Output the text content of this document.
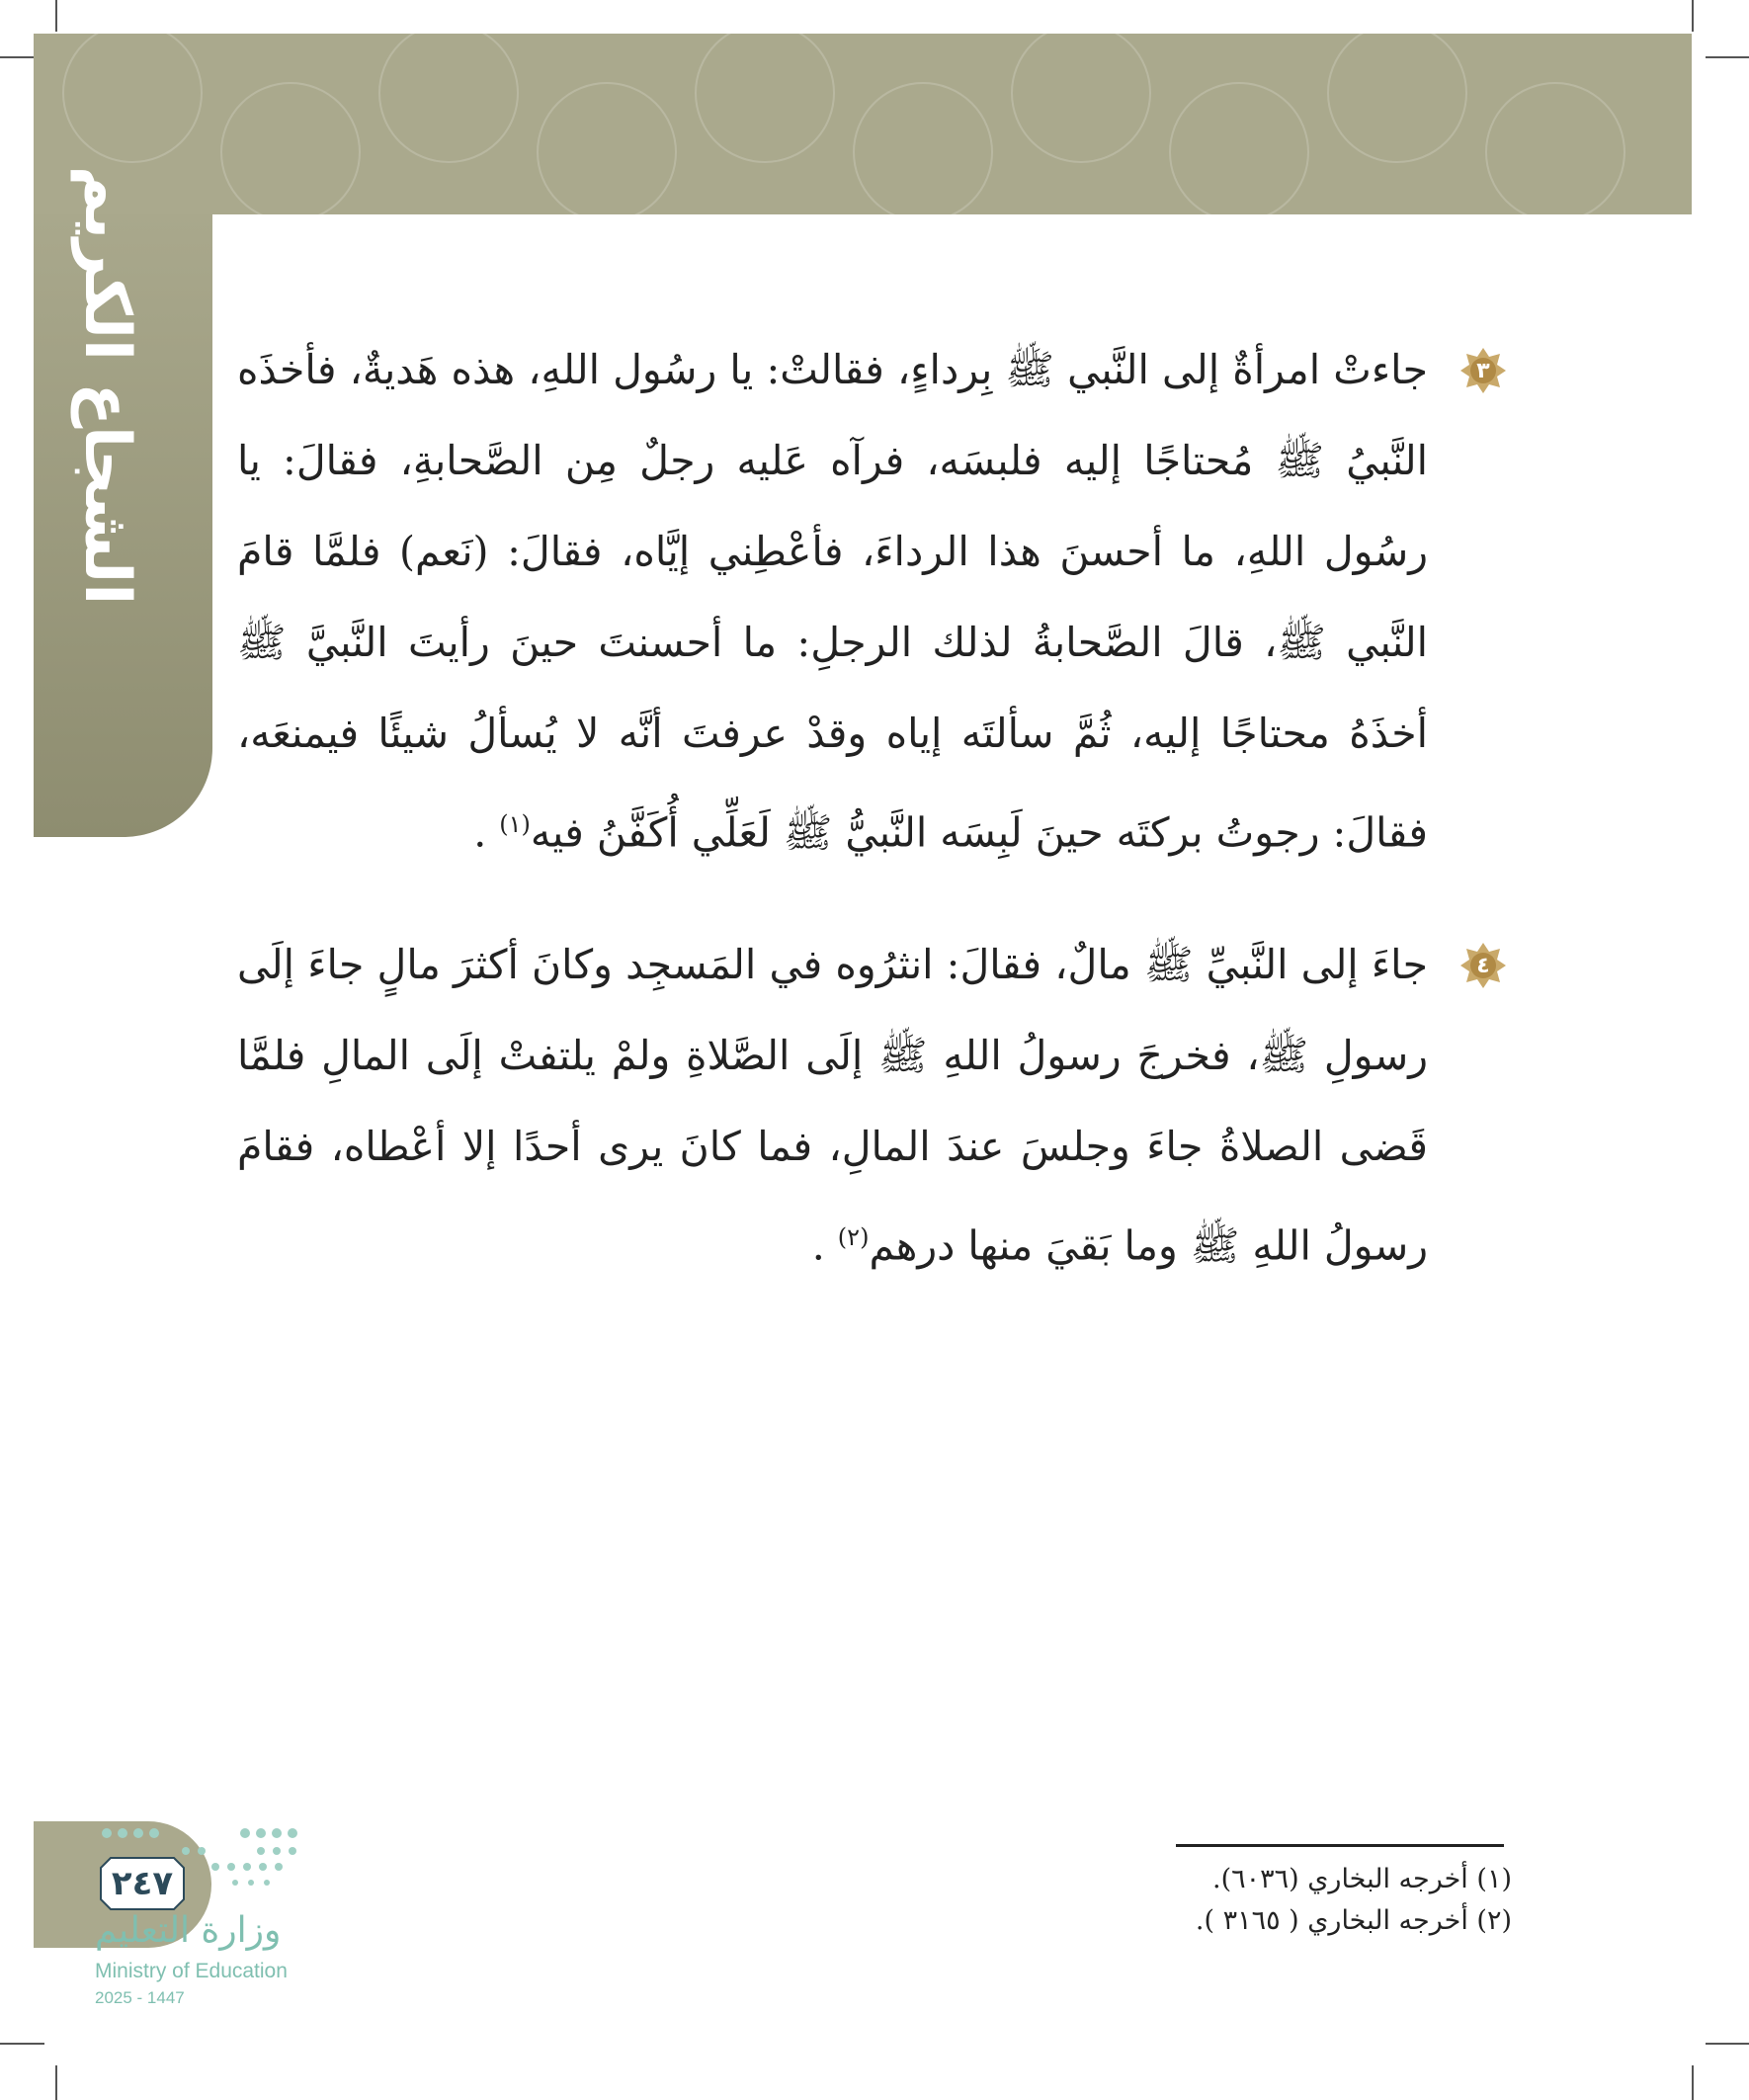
الشجاع الكريم	٣
جاءتْ امرأةٌ إلى النَّبي ﷺ بِرداءٍ، فقالتْ: يا رسُول اللهِ، هذه هَديةٌ، فأخذَه النَّبيُ ﷺ مُحتاجًا إليه فلبسَه، فرآه عَليه رجلٌ مِن الصَّحابةِ، فقالَ: يا رسُول اللهِ، ما أحسنَ هذا الرداءَ، فأعْطِني إيَّاه، فقالَ: (نَعم) فلمَّا قامَ النَّبي ﷺ، قالَ الصَّحابةُ لذلك الرجلِ: ما أحسنتَ حينَ رأيتَ النَّبيَّ ﷺ أخذَهُ محتاجًا إليه، ثُمَّ سألتَه إياه وقدْ عرفتَ أنَّه لا يُسألُ شيئًا فيمنعَه، فقالَ: رجوتُ بركتَه حينَ لَبِسَه النَّبيُّ ﷺ لَعَلِّي أُكَفَّنُ فيه$^{(١)}$ .
٤
جاءَ إلى النَّبيِّ ﷺ مالٌ، فقالَ: انثرُوه في المَسجِد وكانَ أكثرَ مالٍ جاءَ إلَى رسولِ ﷺ، فخرجَ رسولُ اللهِ ﷺ إلَى الصَّلاةِ ولمْ يلتفتْ إلَى المالِ فلمَّا قَضى الصلاةُ جاءَ وجلسَ عندَ المالِ، فما كانَ يرى أحدًا إلا أعْطاه، فقامَ رسولُ اللهِ ﷺ وما بَقيَ منها درهم$^{(٢)}$ .
(١) أخرجه البخاري (٦٠٣٦).
(٢) أخرجه البخاري ( ٣١٦٥ ).
٢٤٧
وزارة التعليم
Ministry of Education
2025 - 1447
